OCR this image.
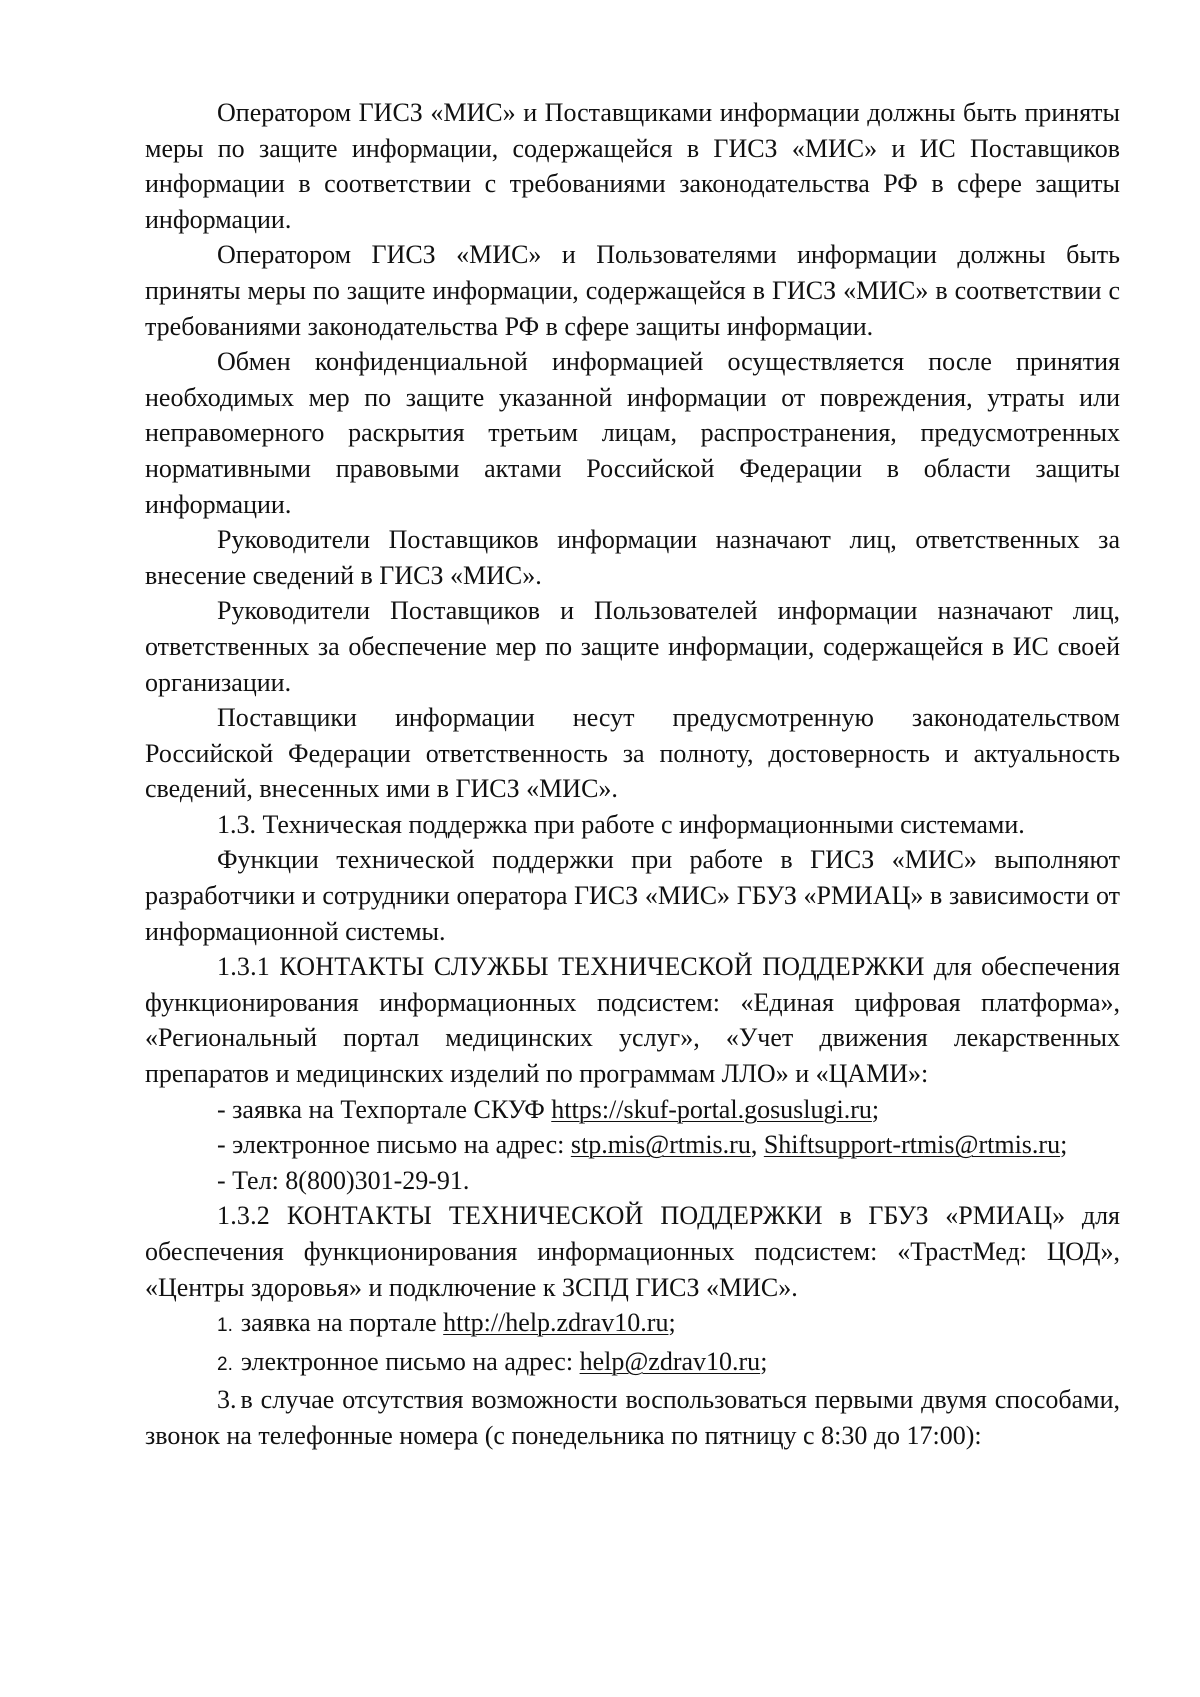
Оператором ГИСЗ «МИС» и Поставщиками информации должны быть приняты меры по защите информации, содержащейся в ГИСЗ «МИС» и ИС Поставщиков информации в соответствии с требованиями законодательства РФ в сфере защиты информации.

Оператором ГИСЗ «МИС» и Пользователями информации должны быть приняты меры по защите информации, содержащейся в ГИСЗ «МИС» в соответствии с требованиями законодательства РФ в сфере защиты информации.

Обмен конфиденциальной информацией осуществляется после принятия необходимых мер по защите указанной информации от повреждения, утраты или неправомерного раскрытия третьим лицам, распространения, предусмотренных нормативными правовыми актами Российской Федерации в области защиты информации.

Руководители Поставщиков информации назначают лиц, ответственных за внесение сведений в ГИСЗ «МИС».

Руководители Поставщиков и Пользователей информации назначают лиц, ответственных за обеспечение мер по защите информации, содержащейся в ИС своей организации.

Поставщики информации несут предусмотренную законодательством Российской Федерации ответственность за полноту, достоверность и актуальность сведений, внесенных ими в ГИСЗ «МИС».

1.3. Техническая поддержка при работе с информационными системами.

Функции технической поддержки при работе в ГИСЗ «МИС» выполняют разработчики и сотрудники оператора ГИСЗ «МИС» ГБУЗ «РМИАЦ» в зависимости от информационной системы.

1.3.1 КОНТАКТЫ СЛУЖБЫ ТЕХНИЧЕСКОЙ ПОДДЕРЖКИ для обеспечения функционирования информационных подсистем: «Единая цифровая платформа», «Региональный портал медицинских услуг», «Учет движения лекарственных препаратов и медицинских изделий по программам ЛЛО» и «ЦАМИ»:

- заявка на Техпортале СКУФ https://skuf-portal.gosuslugi.ru;

- электронное письмо на адрес: stp.mis@rtmis.ru, Shiftsupport-rtmis@rtmis.ru;

- Тел: 8(800)301-29-91.

1.3.2 КОНТАКТЫ ТЕХНИЧЕСКОЙ ПОДДЕРЖКИ в ГБУЗ «РМИАЦ» для обеспечения функционирования информационных подсистем: «ТрастМед: ЦОД», «Центры здоровья» и подключение к ЗСПД ГИСЗ «МИС».

1. заявка на портале http://help.zdrav10.ru;

2. электронное письмо на адрес: help@zdrav10.ru;

3. в случае отсутствия возможности воспользоваться первыми двумя способами, звонок на телефонные номера (с понедельника по пятницу с 8:30 до 17:00):
